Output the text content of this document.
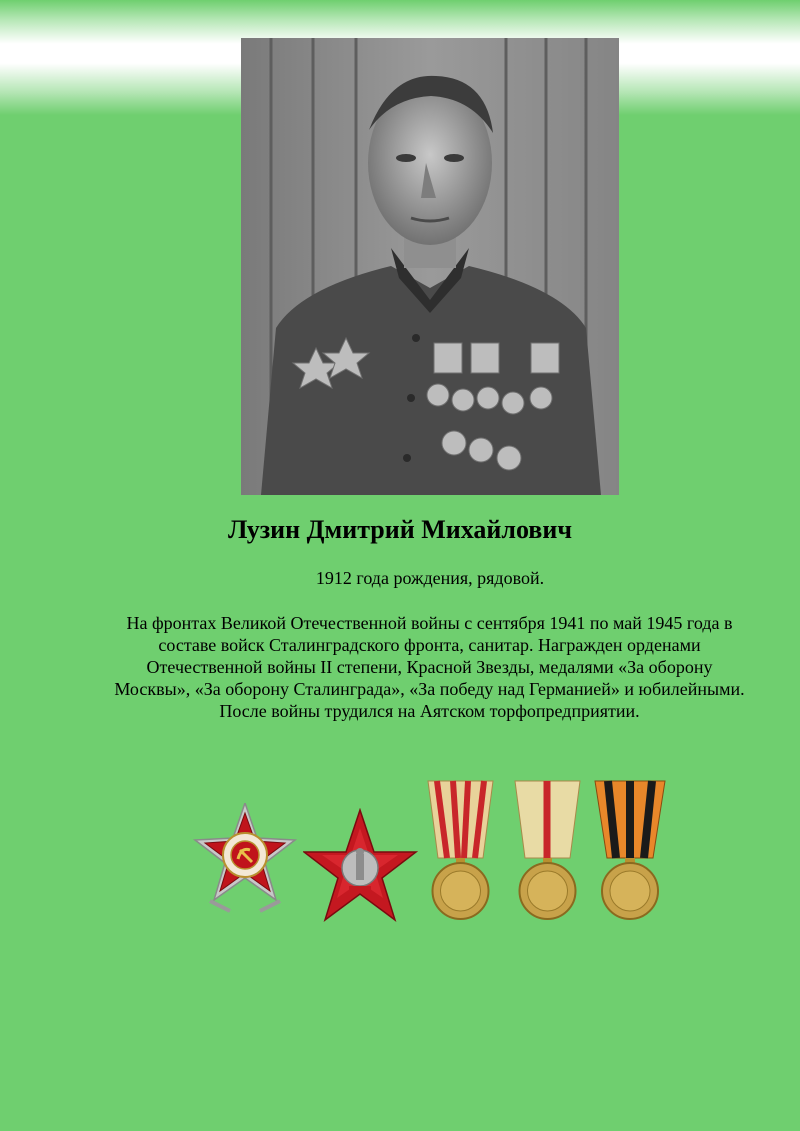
Лузин Дмитрий Михайлович
1912 года рождения, рядовой.
На фронтах Великой Отечественной войны с сентября 1941 по май 1945 года в составе войск Сталинградского фронта, санитар. Награжден орденами Отечественной войны II степени, Красной Звезды, медалями «За оборону Москвы», «За оборону Сталинграда», «За победу над Германией» и юбилейными. После войны трудился на Аятском торфопредприятии.
